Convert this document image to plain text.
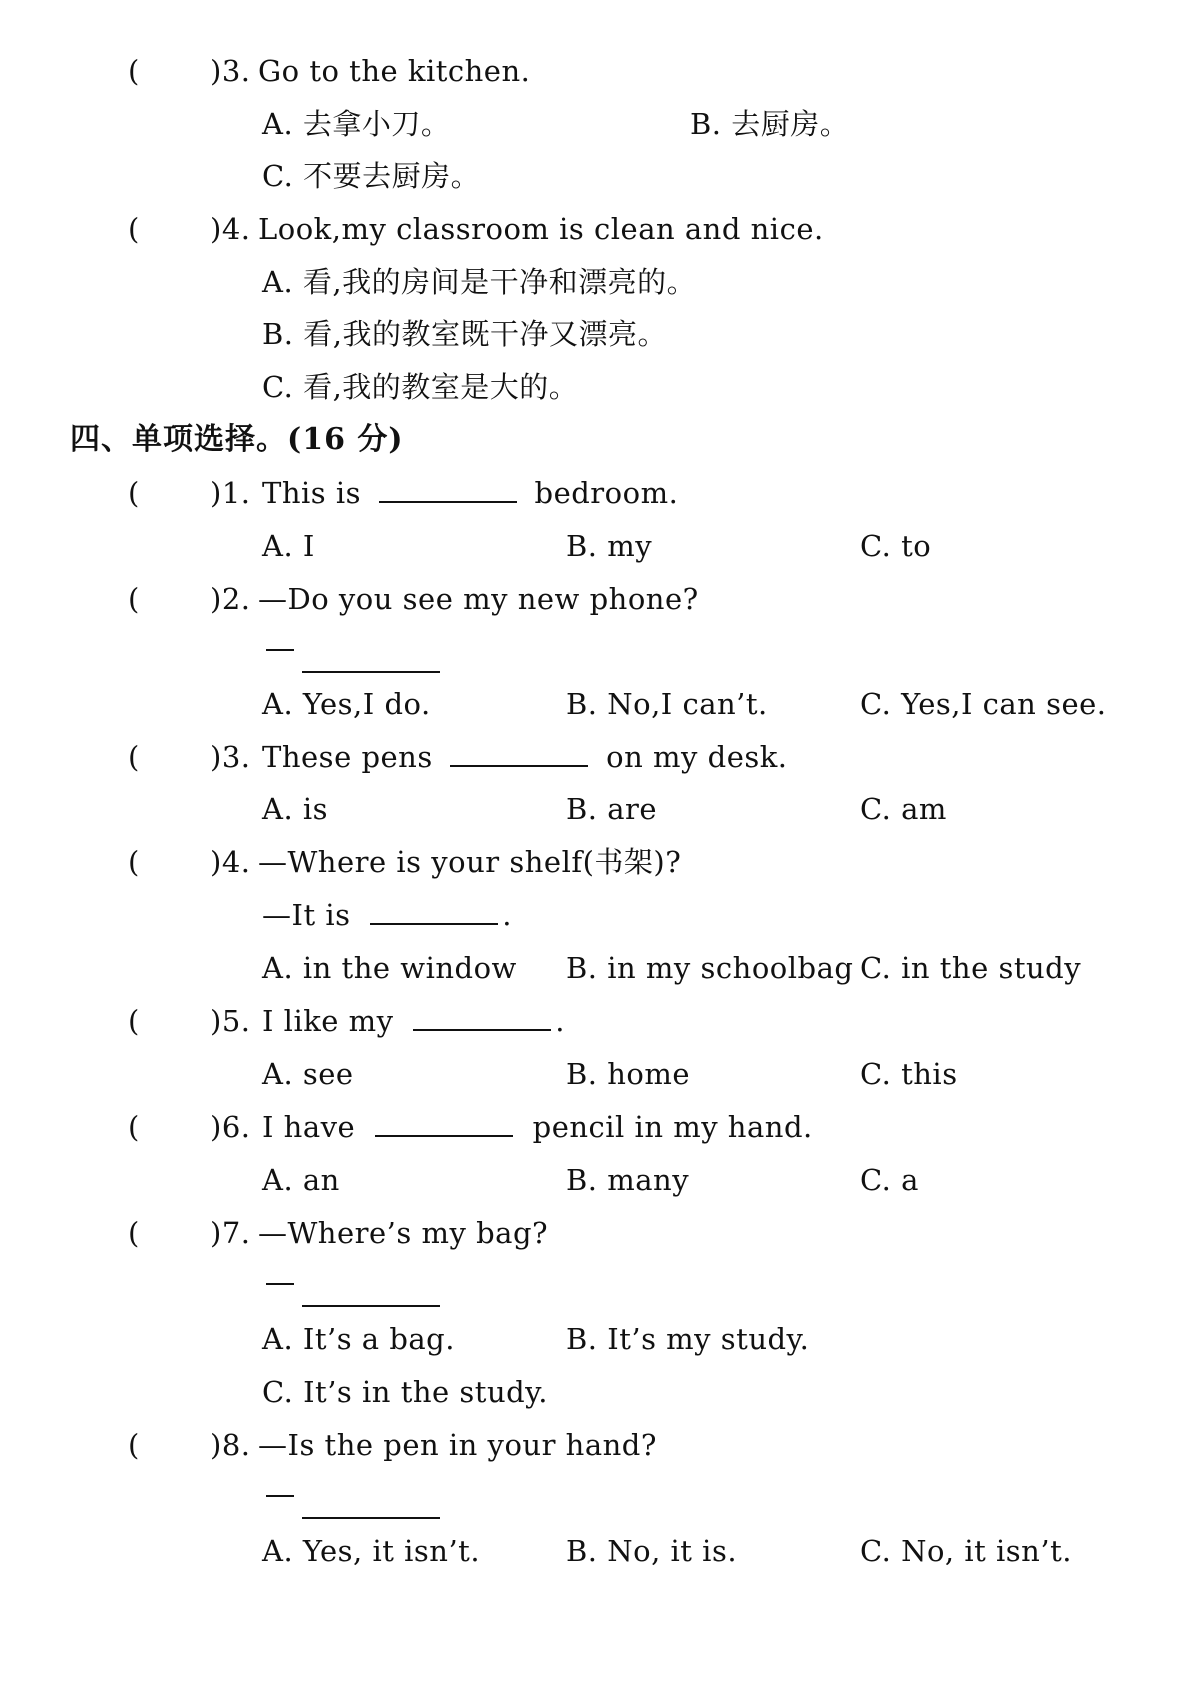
( )3. Go to the kitchen.
A. 去拿小刀。	B. 去厨房。
C. 不要去厨房。
( )4. Look,my classroom is clean and nice.
A. 看,我的房间是干净和漂亮的。
B. 看,我的教室既干净又漂亮。
C. 看,我的教室是大的。
四、单项选择。(16 分)
( )1. This is	bedroom.
A. I	B. my	C. to
( )2. —Do you see my new phone?
A. Yes,I do.	B. No,I can’t.	C. Yes,I can see.
( )3. These pens	on my desk.
A. is	B. are	C. am
( )4. —Where is your shelf(书架)?
—It is	.
A. in the window B. in my schoolbag C. in the study
( )5. I like my	.
A. see	B. home	C. this
( )6. I have	pencil in my hand.
A. an	B. many	C. a
( )7. —Where’s my bag?
A. It’s a bag.	B. It’s my study.
C. It’s in the study.
( )8. —Is the pen in your hand?
A. Yes, it isn’t.	B. No, it is.	C. No, it isn’t.
